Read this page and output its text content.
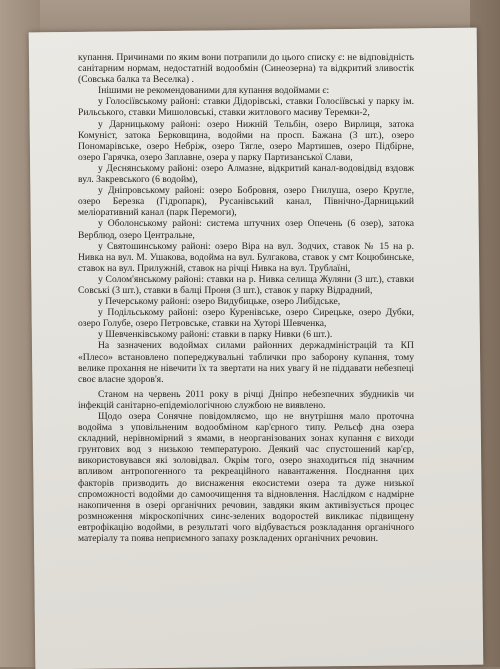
купання. Причинами по яким вони потрапили до цього списку є: не відповідність санітарним нормам, недостатній водообмін (Синеозерна) та відкритий зливостік (Совська балка та Веселка) .

Інішими не рекомендованими для купання водоймами є:

у Голосіївському районі: ставки Дідорівські, ставки Голосіївські у парку ім. Рильського, ставки Мишоловські, ставки житлового масиву Теремки-2,

у Дарницькому районі: озеро Нижній Тельбін, озеро Вирлиця, затока Комуніст, затока Берковщина, водойми на просп. Бажана (3 шт.), озеро Пономарівське, озеро Небріж, озеро Тягле, озеро Мартишев, озеро Підбірне, озеро Гарячка, озеро Заплавне, озера у парку Партизанської Слави,

у Деснянському районі: озеро Алмазне, відкритий канал-водовідвід вздовж вул. Закревського (6 водойм),

у Дніпровському районі: озеро Бобровня, озеро Гнилуша, озеро Кругле, озеро Березка (Гідропарк), Русанівський канал, Північно-Дарницький меліоративний канал (парк Перемоги),

у Оболонському районі: система штучних озер Опечень (6 озер), затока Верблюд, озеро Центральне,

у Святошинському районі: озеро Віра на вул. Зодчих, ставок № 15 на р. Нивка на вул. М. Ушакова, водойма на вул. Булгакова, ставок у смт Коцюбинське, ставок на вул. Прилужній, ставок на річці Нивка на вул. Трублаїні,

у Солом'янському районі: ставки на р. Нивка селища Жуляни (3 шт.), ставки Совські (3 шт.), ставки в балці Проня (3 шт.), ставок у парку Відрадний,

у Печерському районі: озеро Видубицьке, озеро Либідське,

у Подільському районі: озеро Куренівське, озеро Сирецьке, озеро Дубки, озеро Голубе, озеро Петровське, ставки на Хуторі Шевченка,

у Шевченківському районі: ставки в парку Нивки (6 шт.).

На зазначених водоймах силами районних держадміністрацій та КП «Плесо» встановлено попереджувальні таблички про заборону купання, тому велике прохання не нівечити їх та звертати на них увагу й не піддавати небезпеці своє власне здоров'я.

Станом на червень 2011 року в річці Дніпро небезпечних збудників чи інфекцій санітарно-епідеміологічною службою не виявлено.

Щодо озера Сонячне повідомляємо, що не внутрішня мало проточна водойма з уповільненим водообміном кар'єрного типу. Рельєф дна озера складний, нерівномірний з ямами, в неорганізованих зонах купання є виходи грунтових вод з низькою температурою. Деякий час спустошений кар'єр, використовувався які золовідвал. Окрім того, озеро знаходиться під значним впливом антропогенного та рекреаційного навантаження. Поєднання цих факторів призводить до виснаження екосистеми озера та дуже низької спроможності водойми до самоочищення та відновлення. Наслідком є надмірне накопичення в озері органічних речовин, завдяки яким активізується процес розмноження мікроскопічних синє-зелених водоростей викликає підвищену евтрофікацію водойми, в результаті чого відбувається розкладання органічного матеріалу та поява неприємного запаху розкладених органічних речовин.
